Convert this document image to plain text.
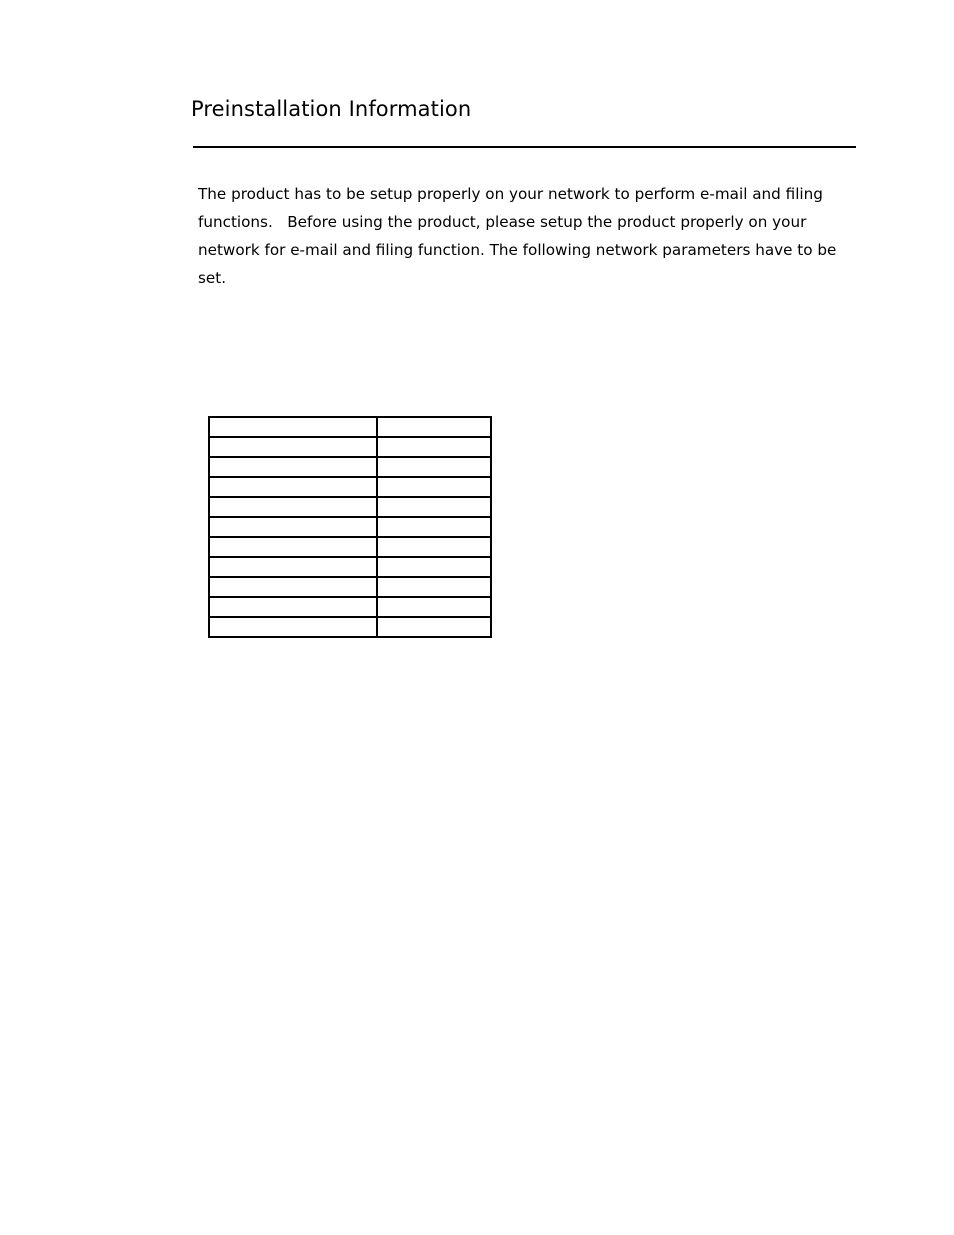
Preinstallation Information

The product has to be setup properly on your network to perform e-mail and filing functions.   Before using the product, please setup the product properly on your network for e-mail and filing function. The following network parameters have to be set.
